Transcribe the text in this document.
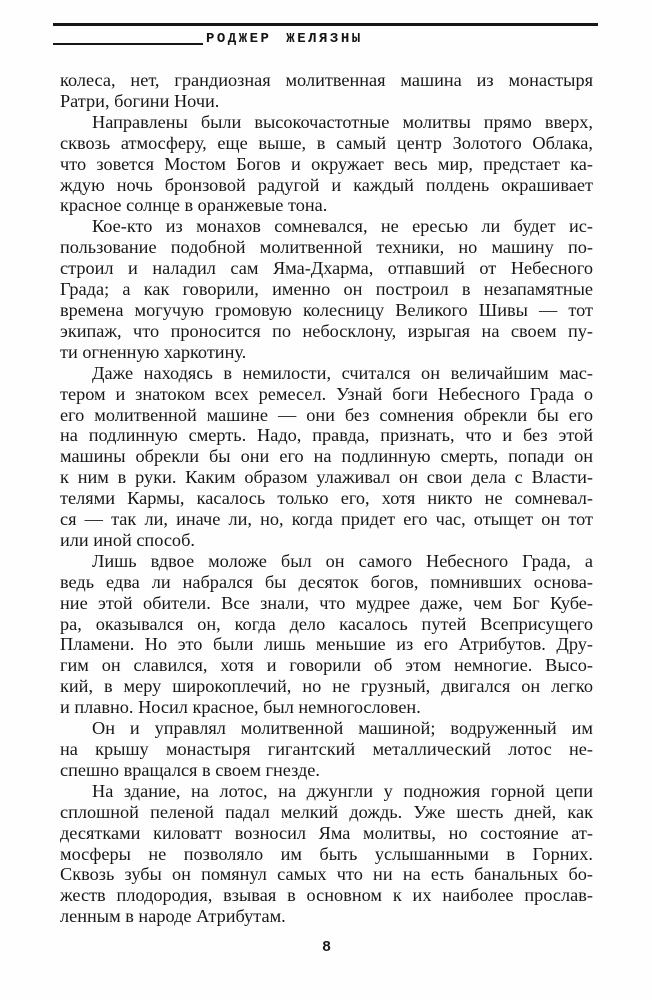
РОДЖЕР ЖЕЛЯЗНЫ
колеса, нет, грандиозная молитвенная машина из монастыря
Ратри, богини Ночи.
Направлены были высокочастотные молитвы прямо вверх,
сквозь атмосферу, еще выше, в самый центр Золотого Облака,
что зовется Мостом Богов и окружает весь мир, предстает ка-
ждую ночь бронзовой радугой и каждый полдень окрашивает
красное солнце в оранжевые тона.
Кое-кто из монахов сомневался, не ересью ли будет ис-
пользование подобной молитвенной техники, но машину по-
строил и наладил сам Яма-Дхарма, отпавший от Небесного
Града; а как говорили, именно он построил в незапамятные
времена могучую громовую колесницу Великого Шивы — тот
экипаж, что проносится по небосклону, изрыгая на своем пу-
ти огненную харкотину.
Даже находясь в немилости, считался он величайшим мас-
тером и знатоком всех ремесел. Узнай боги Небесного Града о
его молитвенной машине — они без сомнения обрекли бы его
на подлинную смерть. Надо, правда, признать, что и без этой
машины обрекли бы они его на подлинную смерть, попади он
к ним в руки. Каким образом улаживал он свои дела с Власти-
телями Кармы, касалось только его, хотя никто не сомневал-
ся — так ли, иначе ли, но, когда придет его час, отыщет он тот
или иной способ.
Лишь вдвое моложе был он самого Небесного Града, а
ведь едва ли набрался бы десяток богов, помнивших основа-
ние этой обители. Все знали, что мудрее даже, чем Бог Кубе-
ра, оказывался он, когда дело касалось путей Всеприсущего
Пламени. Но это были лишь меньшие из его Атрибутов. Дру-
гим он славился, хотя и говорили об этом немногие. Высо-
кий, в меру широкоплечий, но не грузный, двигался он легко
и плавно. Носил красное, был немногословен.
Он и управлял молитвенной машиной; водруженный им
на крышу монастыря гигантский металлический лотос не-
спешно вращался в своем гнезде.
На здание, на лотос, на джунгли у подножия горной цепи
сплошной пеленой падал мелкий дождь. Уже шесть дней, как
десятками киловатт возносил Яма молитвы, но состояние ат-
мосферы не позволяло им быть услышанными в Горних.
Сквозь зубы он помянул самых что ни на есть банальных бо-
жеств плодородия, взывая в основном к их наиболее прослав-
ленным в народе Атрибутам.
8
